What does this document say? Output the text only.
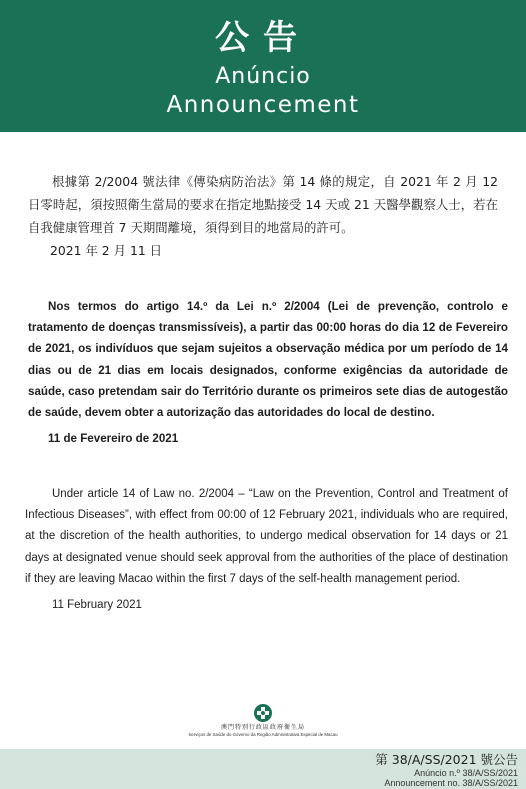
公告
Anúncio
Announcement

根據第 2/2004 號法律《傳染病防治法》第 14 條的規定，自 2021 年 2 月 12 日零時起，須按照衛生當局的要求在指定地點接受 14 天或 21 天醫學觀察人士，若在自我健康管理首 7 天期間離境，須得到目的地當局的許可。

2021 年 2 月 11 日

Nos termos do artigo 14.º da Lei n.º 2/2004 (Lei de prevenção, controlo e tratamento de doenças transmissíveis), a partir das 00:00 horas do dia 12 de Fevereiro de 2021, os indivíduos que sejam sujeitos a observação médica por um período de 14 dias ou de 21 dias em locais designados, conforme exigências da autoridade de saúde, caso pretendam sair do Território durante os primeiros sete dias de autogestão de saúde, devem obter a autorização das autoridades do local de destino.

11 de Fevereiro de 2021

Under article 14 of Law no. 2/2004 – “Law on the Prevention, Control and Treatment of Infectious Diseases”, with effect from 00:00 of 12 February 2021, individuals who are required, at the discretion of the health authorities, to undergo medical observation for 14 days or 21 days at designated venue should seek approval from the authorities of the place of destination if they are leaving Macao within the first 7 days of the self-health management period.

11 February 2021

澳門特別行政區政府衛生局
Serviços de Saúde do Governo da Região Administrativa Especial de Macau
第 38/A/SS/2021 號公告
Anúncio n.º 38/A/SS/2021
Announcement no. 38/A/SS/2021
